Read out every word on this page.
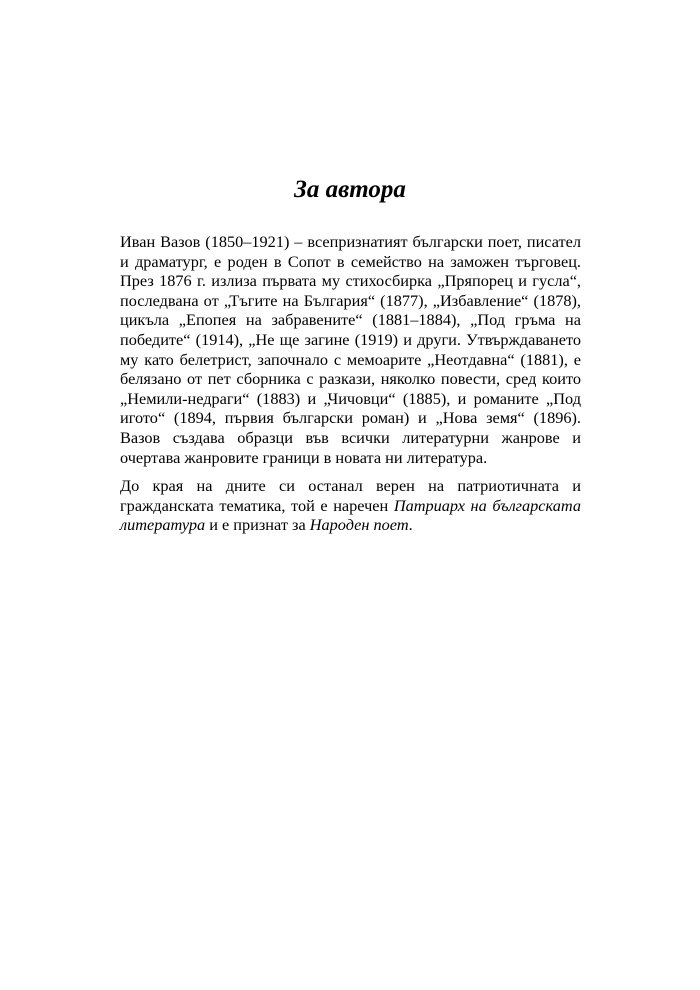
За автора

Иван Вазов (1850–1921) – всепризнатият български поет, писател и драматург, е роден в Сопот в семейство на заможен търговец. През 1876 г. излиза първата му стихосбирка „Пряпорец и гусла“, последвана от „Тъгите на България“ (1877), „Избавление“ (1878), цикъла „Епопея на забравените“ (1881–1884), „Под гръма на победите“ (1914), „Не ще загине (1919) и други. Утвърждаването му като белетрист, започнало с мемоарите „Неотдавна“ (1881), е белязано от пет сборника с разкази, няколко повести, сред които „Немили-недраги“ (1883) и „Чичовци“ (1885), и романите „Под игото“ (1894, първия български роман) и „Нова земя“ (1896). Вазов създава образци във всички литературни жанрове и очертава жанровите граници в новата ни литература.

До края на дните си останал верен на патриотичната и гражданската тематика, той е наречен Патриарх на българската литература и е признат за Народен поет.
